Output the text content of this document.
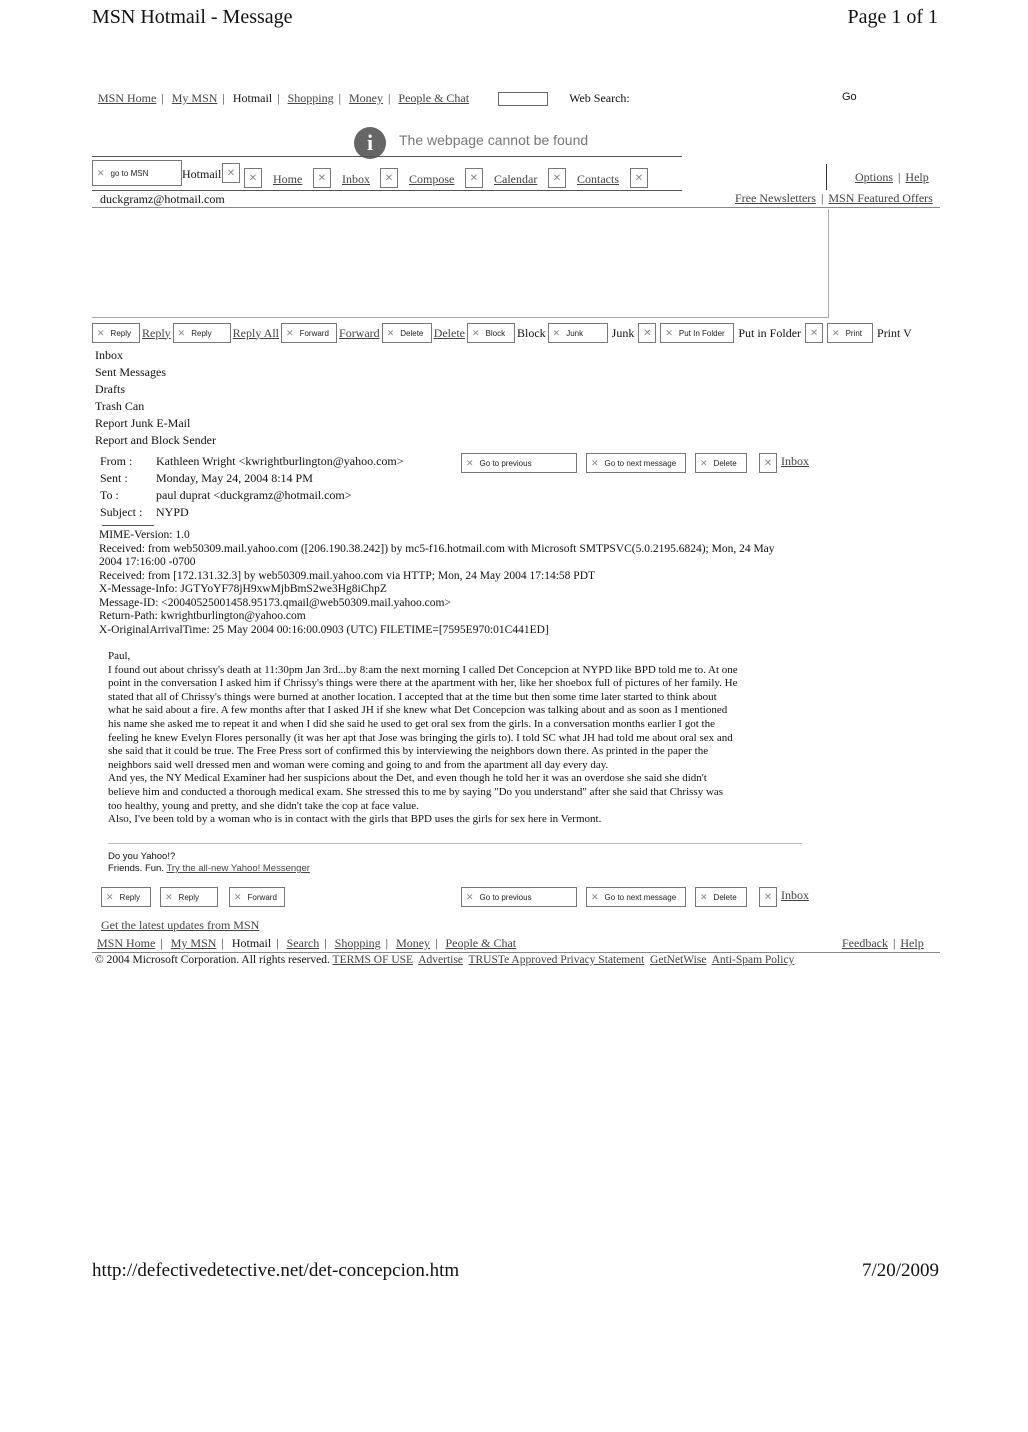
MSN Hotmail - Message	Page 1 of 1
MSN Home | My MSN | Hotmail | Shopping | Money | People & Chat	Web Search:	Go
i	The webpage cannot be found
✕ go to MSN	Hotmail ✕	✕	Home	✕	Inbox	✕	Compose	✕	Calendar	✕	Contacts	✕	Options | Help
duckgramz@hotmail.com	Free Newsletters | MSN Featured Offers
✕ Reply Reply ✕ Reply Reply All ✕ Forward Forward ✕ Delete Delete ✕ Block Block ✕ Junk Junk ✕	✕ Put In Folder Put in Folder ✕	✕ Print Print V
Inbox
Sent Messages
Drafts
Trash Can
Report Junk E-Mail
Report and Block Sender
From :	Kathleen Wright <kwrightburlington@yahoo.com>
Sent :	Monday, May 24, 2004 8:14 PM
To :	paul duprat <duckgramz@hotmail.com>
Subject :	NYPD
✕ Go to previous	✕ Go to next message	✕ Delete	✕ Inbox
MIME-Version: 1.0
Received: from web50309.mail.yahoo.com ([206.190.38.242]) by mc5-f16.hotmail.com with Microsoft SMTPSVC(5.0.2195.6824); Mon, 24 May
2004 17:16:00 -0700
Received: from [172.131.32.3] by web50309.mail.yahoo.com via HTTP; Mon, 24 May 2004 17:14:58 PDT
X-Message-Info: JGTYoYF78jH9xwMjbBmS2we3Hg8iChpZ
Message-ID: <20040525001458.95173.qmail@web50309.mail.yahoo.com>
Return-Path: kwrightburlington@yahoo.com
X-OriginalArrivalTime: 25 May 2004 00:16:00.0903 (UTC) FILETIME=[7595E970:01C441ED]
Paul,
I found out about chrissy's death at 11:30pm Jan 3rd...by 8:am the next morning I called Det Concepcion at NYPD like BPD told me to. At one
point in the conversation I asked him if Chrissy's things were there at the apartment with her, like her shoebox full of pictures of her family. He
stated that all of Chrissy's things were burned at another location. I accepted that at the time but then some time later started to think about
what he said about a fire. A few months after that I asked JH if she knew what Det Concepcion was talking about and as soon as I mentioned
his name she asked me to repeat it and when I did she said he used to get oral sex from the girls. In a conversation months earlier I got the
feeling he knew Evelyn Flores personally (it was her apt that Jose was bringing the girls to). I told SC what JH had told me about oral sex and
she said that it could be true. The Free Press sort of confirmed this by interviewing the neighbors down there. As printed in the paper the
neighbors said well dressed men and woman were coming and going to and from the apartment all day every day.
And yes, the NY Medical Examiner had her suspicions about the Det, and even though he told her it was an overdose she said she didn't
believe him and conducted a thorough medical exam. She stressed this to me by saying "Do you understand" after she said that Chrissy was
too healthy, young and pretty, and she didn't take the cop at face value.
Also, I've been told by a woman who is in contact with the girls that BPD uses the girls for sex here in Vermont.
Do you Yahoo!?
Friends. Fun. Try the all-new Yahoo! Messenger
✕ Reply	✕ Reply	✕ Forward	✕ Go to previous	✕ Go to next message	✕ Delete	✕ Inbox
Get the latest updates from MSN
MSN Home | My MSN | Hotmail | Search | Shopping | Money | People & Chat	Feedback | Help
© 2004 Microsoft Corporation. All rights reserved. TERMS OF USE Advertise TRUSTe Approved Privacy Statement GetNetWise Anti-Spam Policy
http://defectivedetective.net/det-concepcion.htm	7/20/2009
